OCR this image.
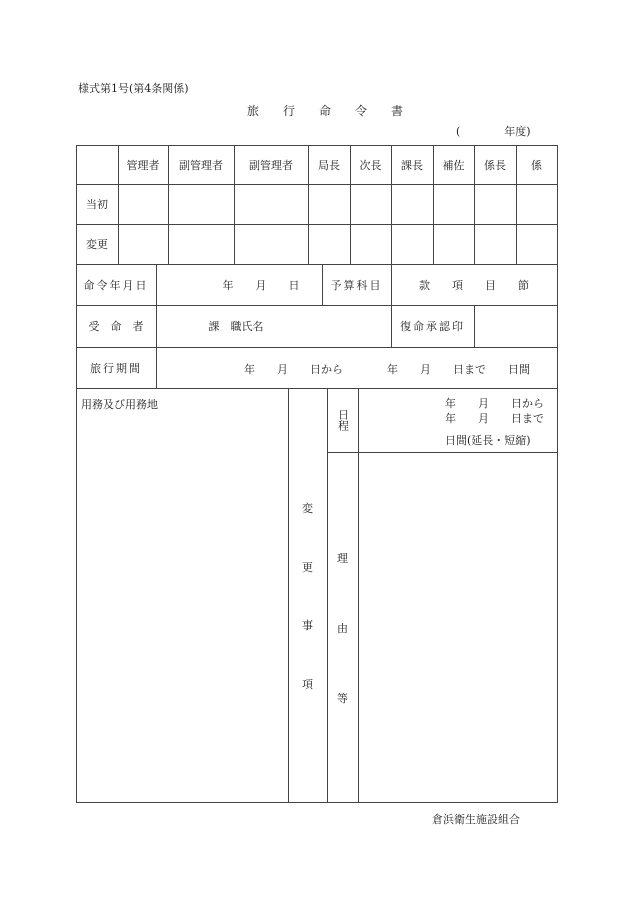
様式第1号(第4条関係)
旅　　行　　命　　令　　書
(　　　　年度)
管理者	副管理者	副管理者	局長	次長	課長	補佐	係長	係
当初
変更
命令年月日	年　　月　　日	予算科目	款　　項　　目　　節
受　命　者	課　職氏名	復命承認印
旅行期間	年　　月　　日から　　　　年　　月　　日まで　　日間
用務及び用務地
変
更
事
項
日程
年　　月　　日から
年　　月　　日まで
日間(延長・短縮)
理
由
等
倉浜衛生施設組合
